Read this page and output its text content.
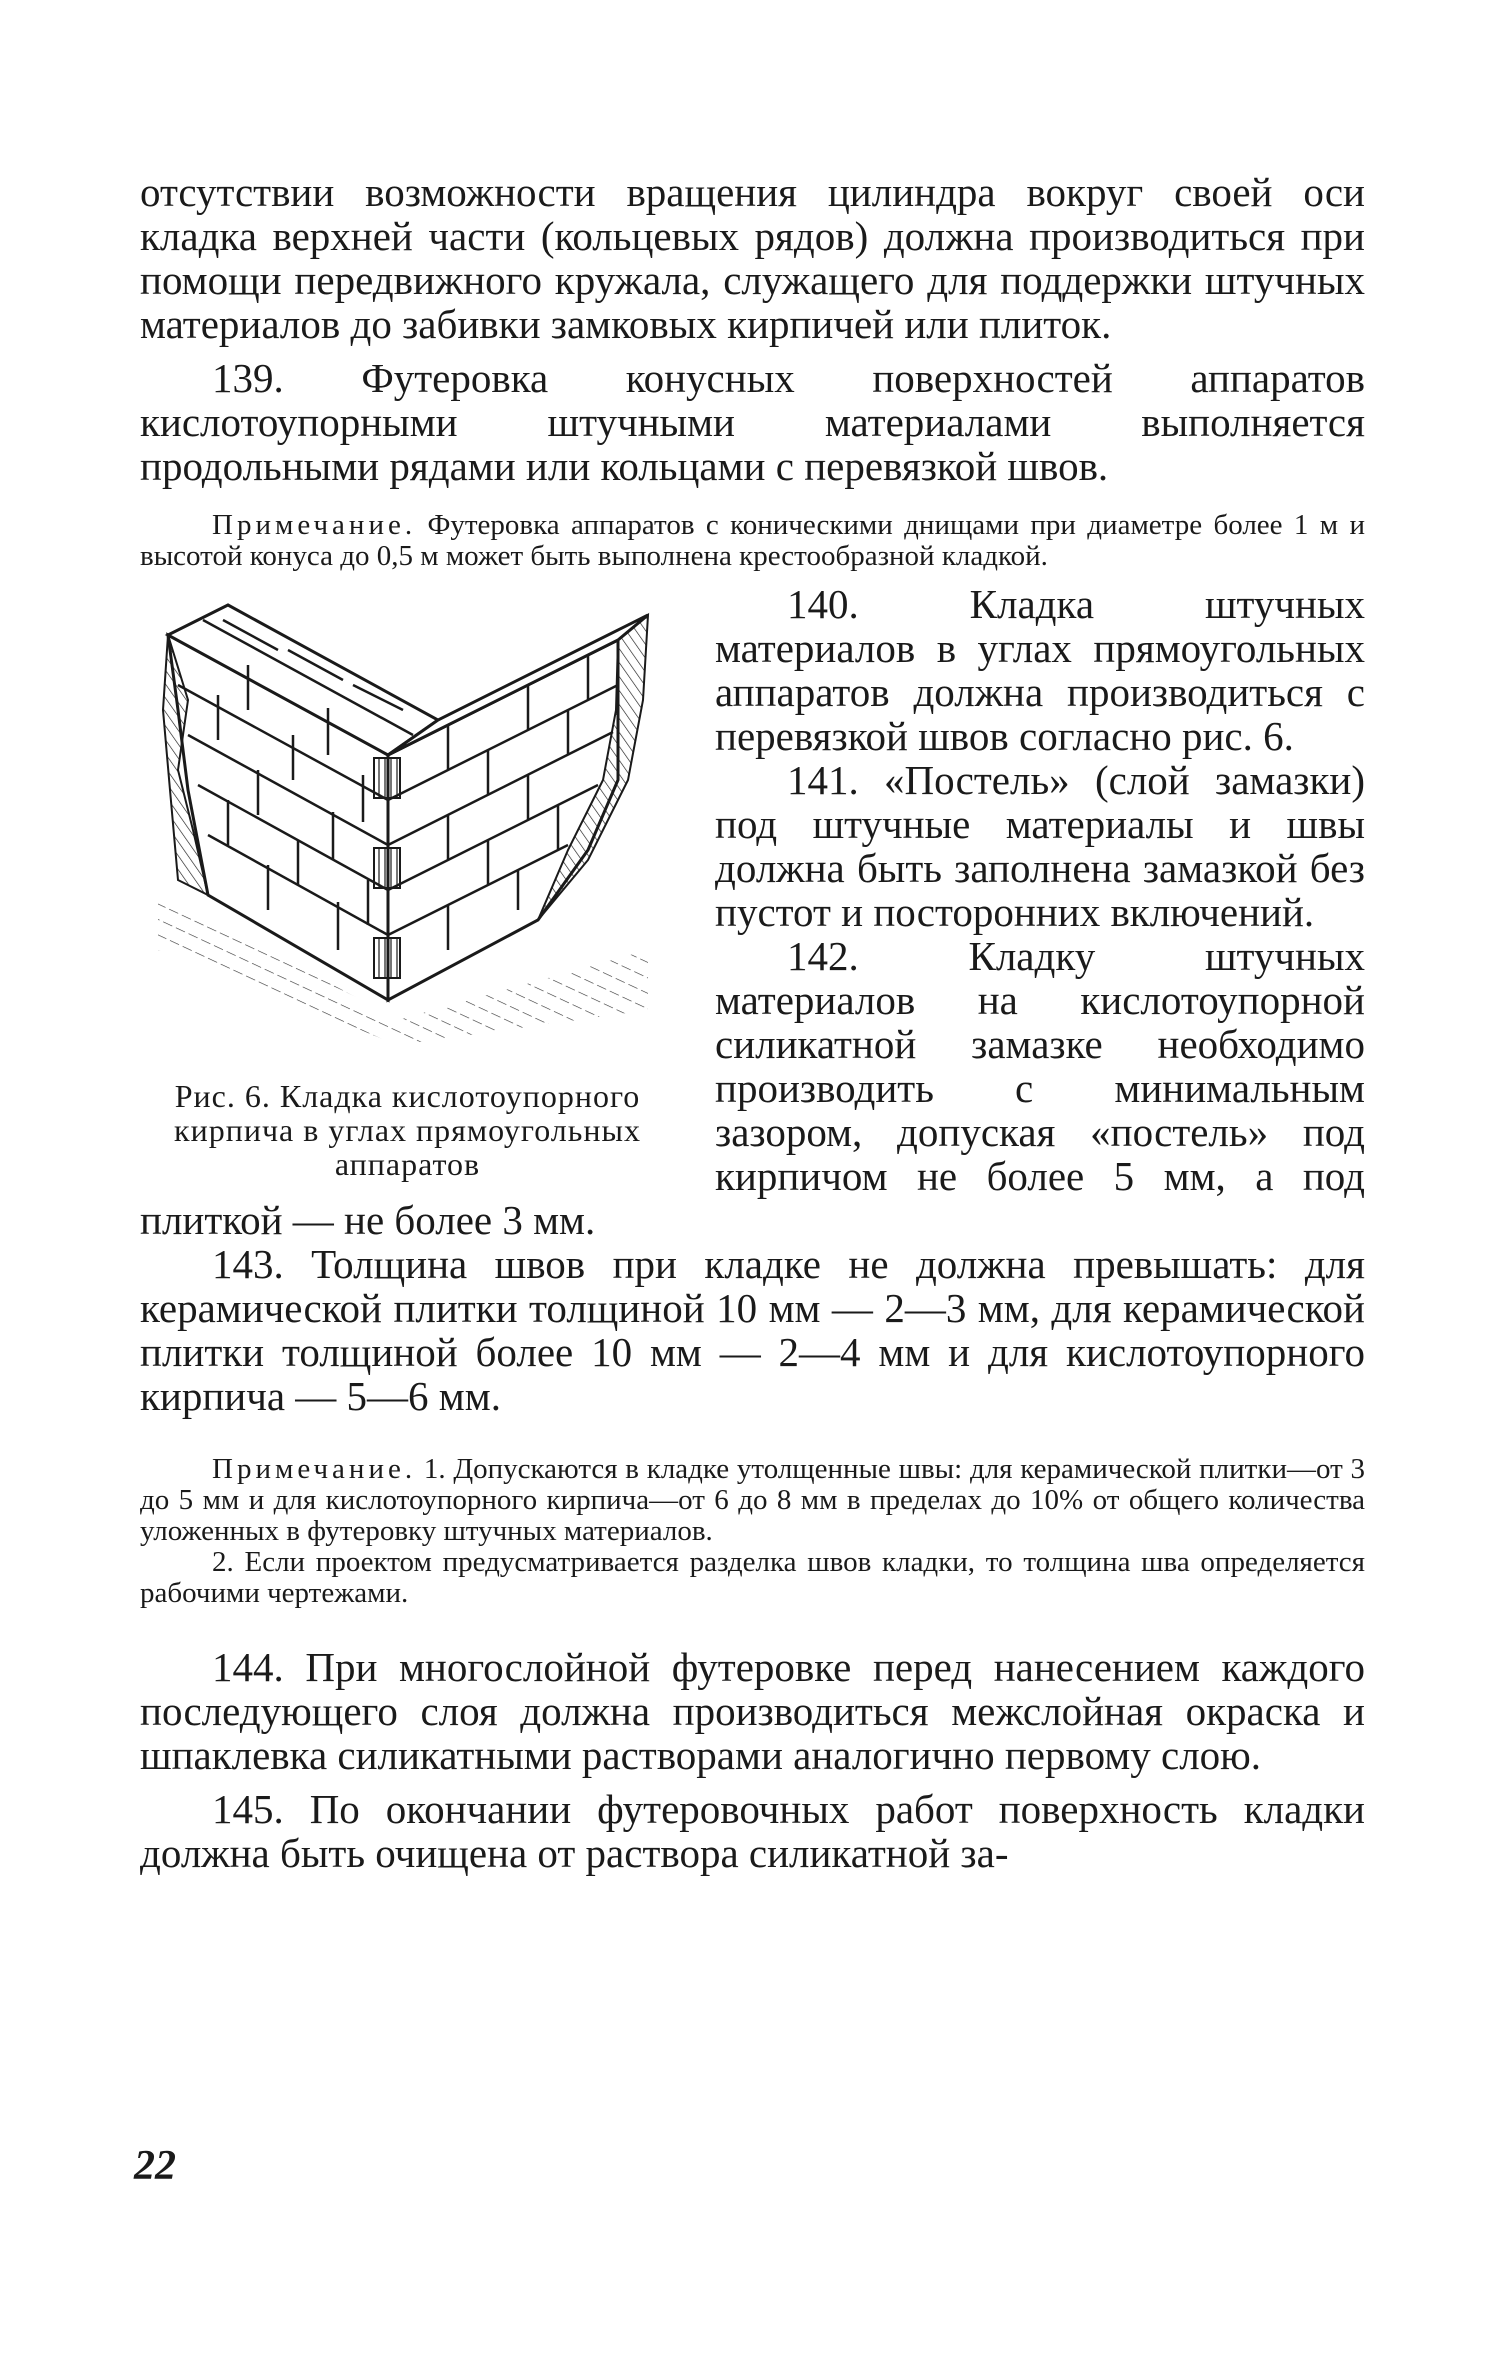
отсутствии возможности вращения цилиндра вокруг своей оси кладка верхней части (кольцевых рядов) должна производиться при помощи передвижного кружала, служащего для поддержки штучных материалов до забивки замковых кирпичей или плиток.

139. Футеровка конусных поверхностей аппаратов кислотоупорными штучными материалами выполняется продольными рядами или кольцами с перевязкой швов.

Примечание. Футеровка аппаратов с коническими днищами при диаметре более 1 м и высотой конуса до 0,5 м может быть выполнена крестообразной кладкой.

Рис. 6. Кладка кислотоупорного кирпича в углах прямоугольных аппаратов

140. Кладка штучных материалов в углах прямоугольных аппаратов должна производиться с перевязкой швов согласно рис. 6.

141. «Постель» (слой замазки) под штучные материалы и швы должна быть заполнена замазкой без пустот и посторонних включений.

142. Кладку штучных материалов на кислотоупорной силикатной замазке необходимо производить с минимальным зазором, допуская «постель» под кирпичом не более 5 мм, а под плиткой — не более 3 мм.

143. Толщина швов при кладке не должна превышать: для керамической плитки толщиной 10 мм — 2—3 мм, для керамической плитки толщиной более 10 мм — 2—4 мм и для кислотоупорного кирпича — 5—6 мм.

Примечание. 1. Допускаются в кладке утолщенные швы: для керамической плитки—от 3 до 5 мм и для кислотоупорного кирпича—от 6 до 8 мм в пределах до 10% от общего количества уложенных в футеровку штучных материалов.

2. Если проектом предусматривается разделка швов кладки, то толщина шва определяется рабочими чертежами.

144. При многослойной футеровке перед нанесением каждого последующего слоя должна производиться межслойная окраска и шпаклевка силикатными растворами аналогично первому слою.

145. По окончании футеровочных работ поверхность кладки должна быть очищена от раствора силикатной за-

22
